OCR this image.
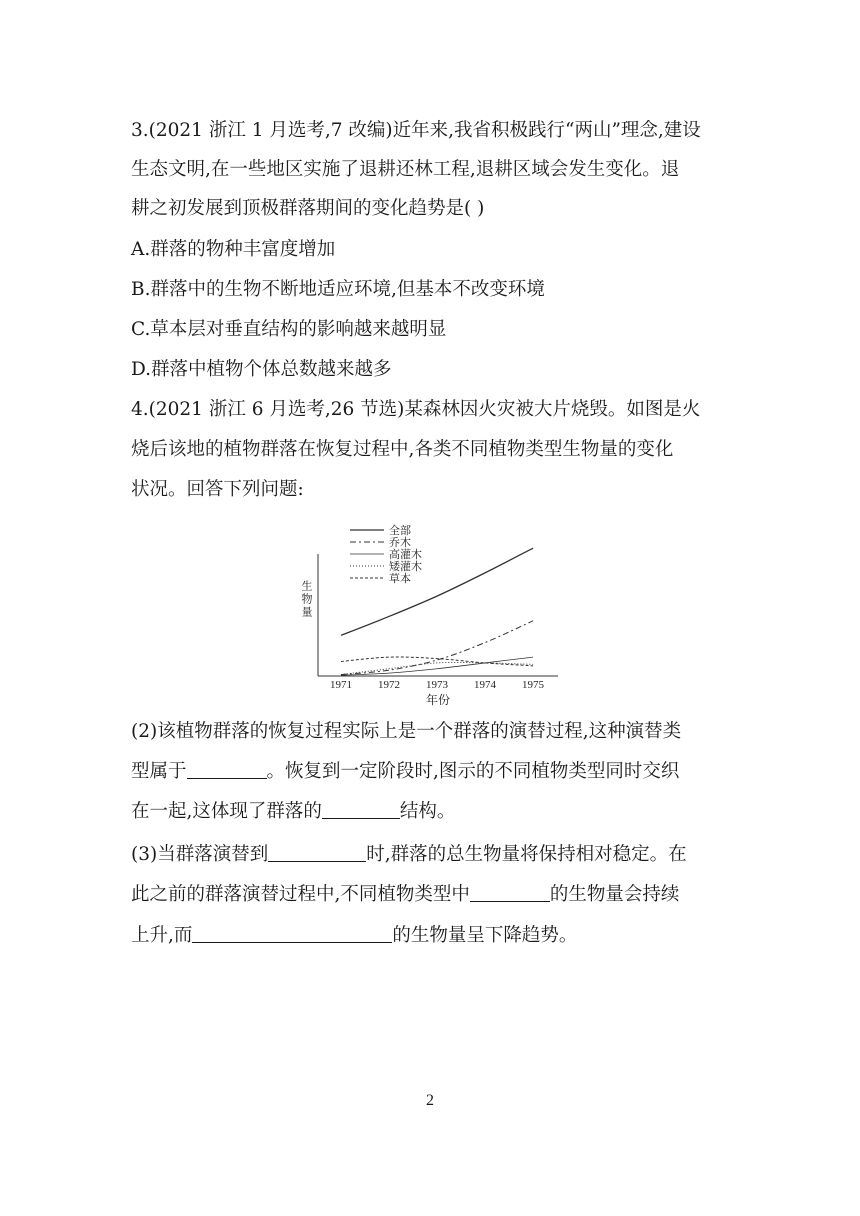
3.(2021 浙江 1 月选考,7 改编)近年来,我省积极践行“两山”理念,建设
生态文明,在一些地区实施了退耕还林工程,退耕区域会发生变化。退
耕之初发展到顶极群落期间的变化趋势是( )
A.群落的物种丰富度增加
B.群落中的生物不断地适应环境,但基本不改变环境
C.草本层对垂直结构的影响越来越明显
D.群落中植物个体总数越来越多
4.(2021 浙江 6 月选考,26 节选)某森林因火灾被大片烧毁。如图是火
烧后该地的植物群落在恢复过程中,各类不同植物类型生物量的变化
状况。回答下列问题:
全部
乔木
高灌木
矮灌木
草本
生物量
1971 1972 1973 1974 1975
年份
(2)该植物群落的恢复过程实际上是一个群落的演替过程,这种演替类
型属于	。恢复到一定阶段时,图示的不同植物类型同时交织
在一起,这体现了群落的	结构。
(3)当群落演替到	时,群落的总生物量将保持相对稳定。在
此之前的群落演替过程中,不同植物类型中	的生物量会持续
上升,而	的生物量呈下降趋势。
2
